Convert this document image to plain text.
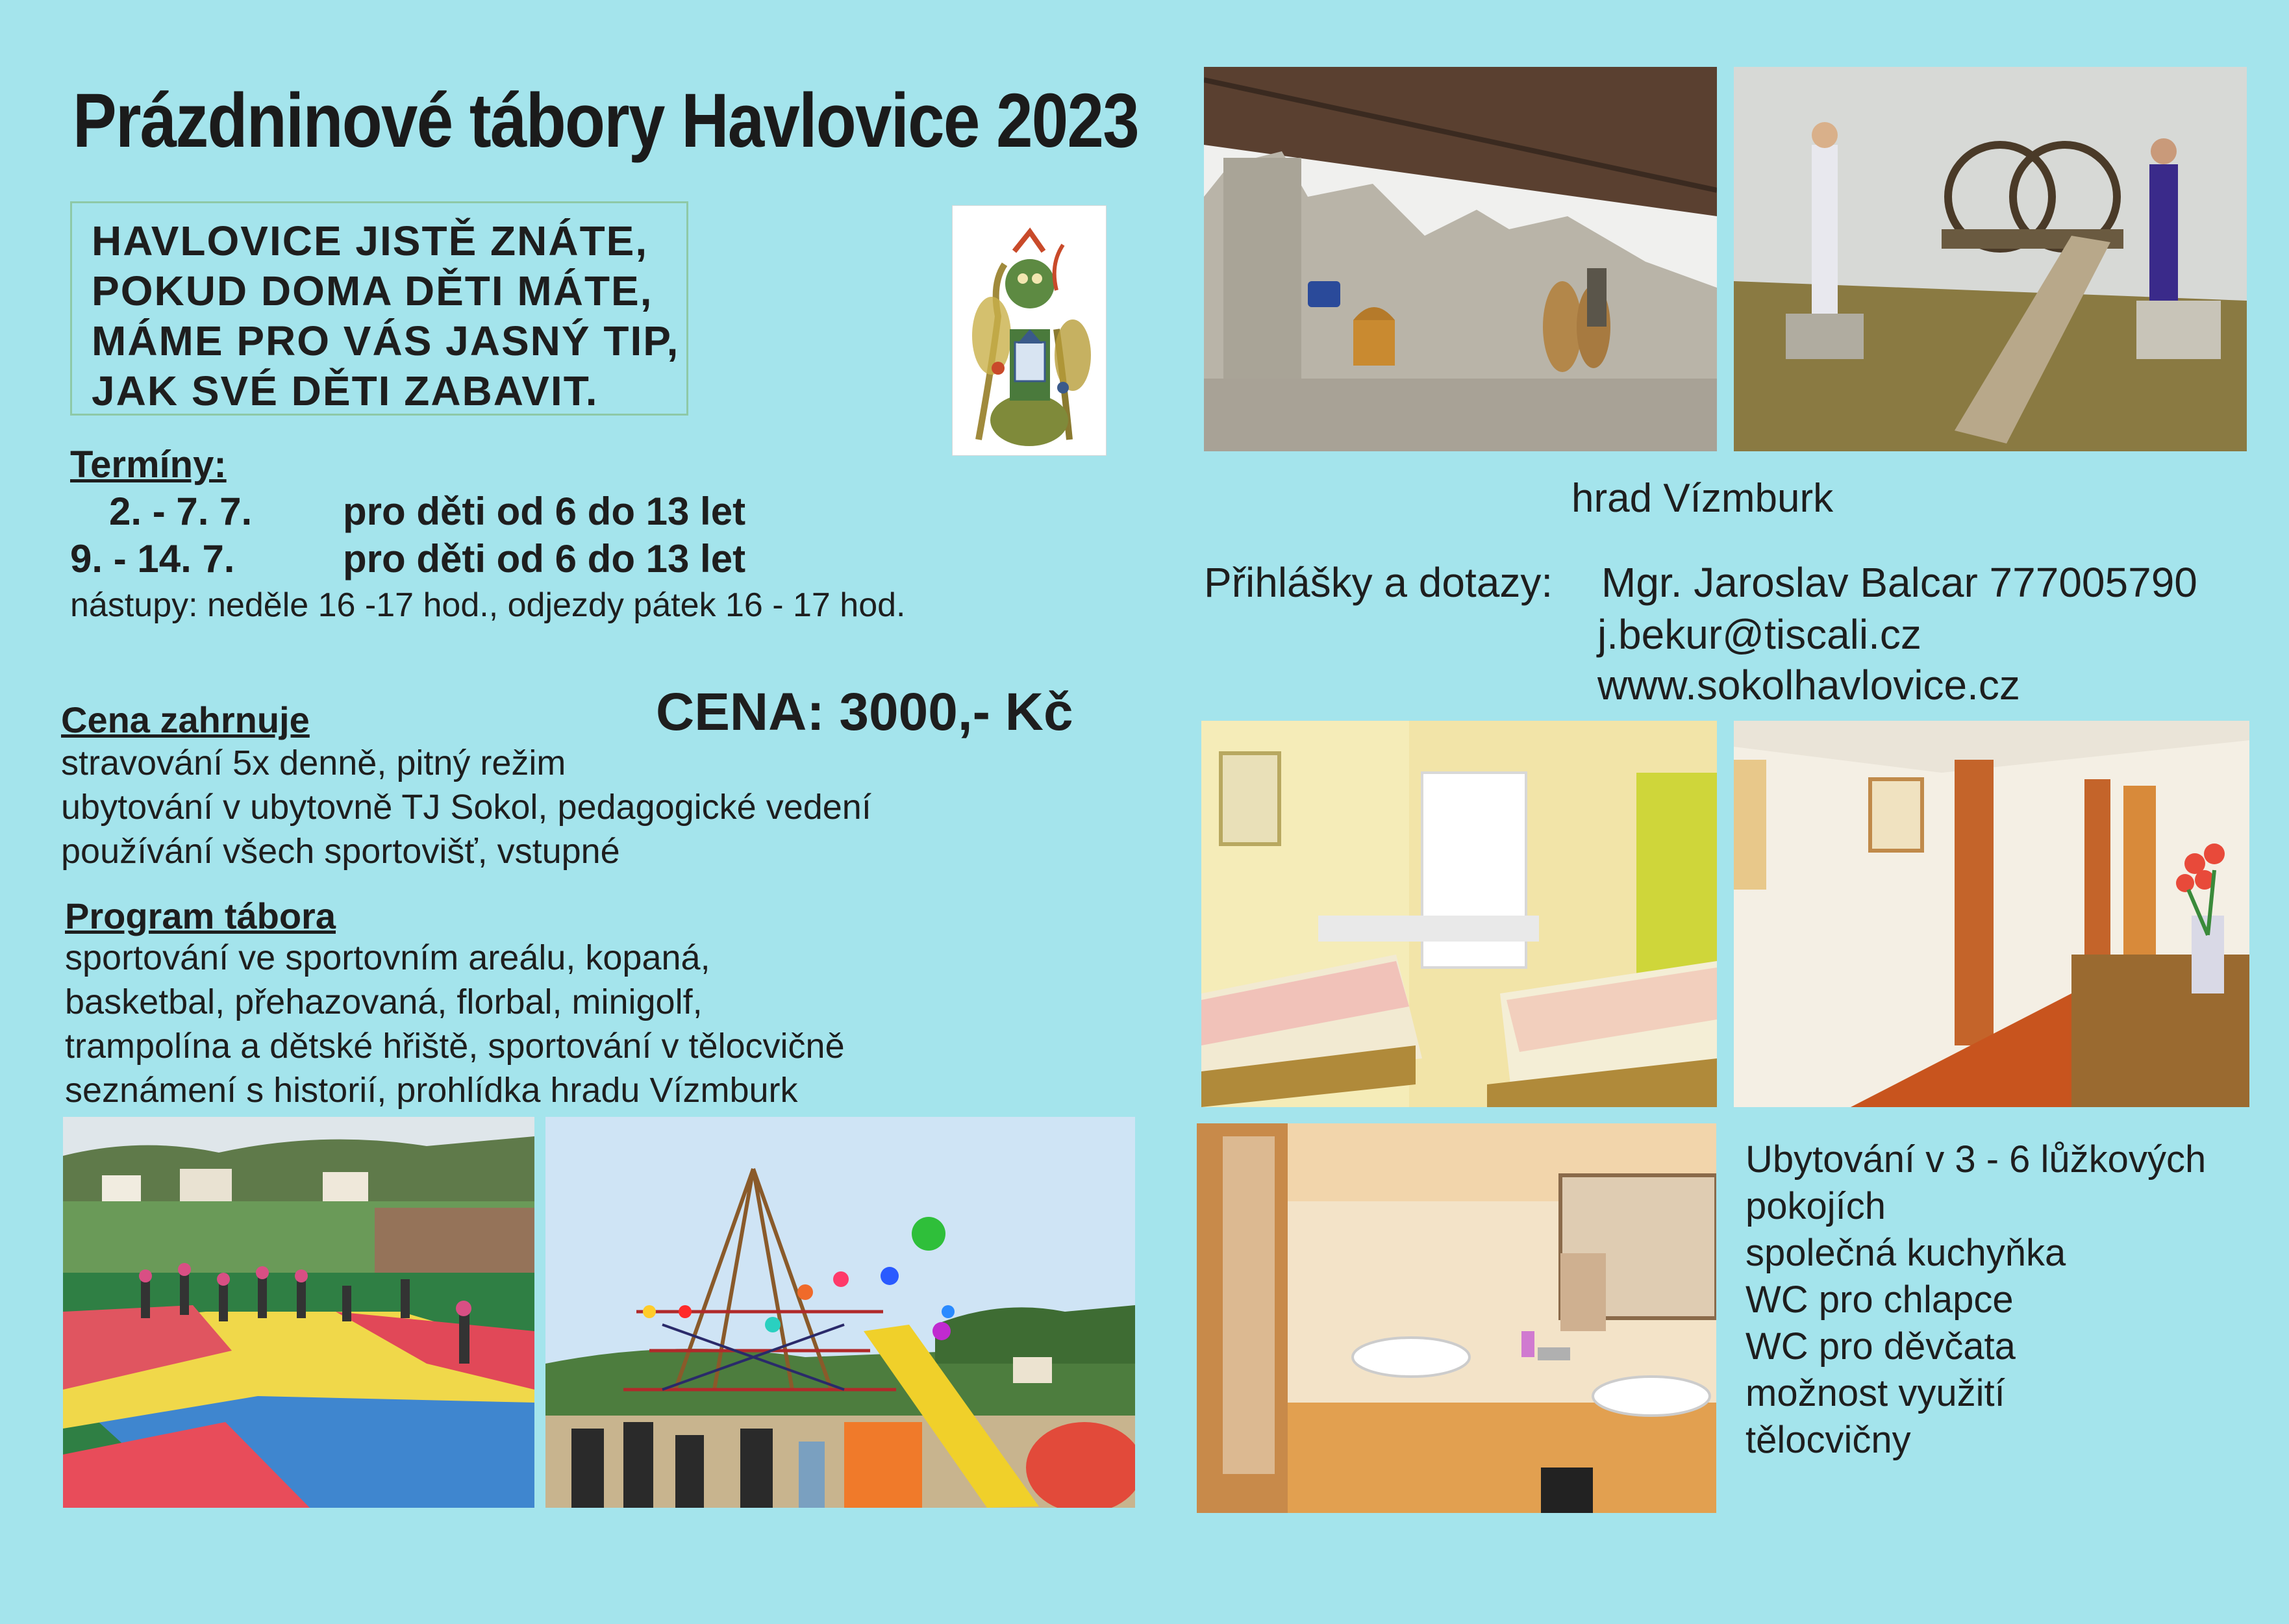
Prázdninové tábory Havlovice 2023
HAVLOVICE JISTĚ ZNÁTE,
POKUD DOMA DĚTI MÁTE,
MÁME PRO VÁS JASNÝ TIP,
JAK SVÉ DĚTI ZABAVIT.
Termíny:
2. - 7. 7. pro děti od 6 do 13 let
9. - 14. 7.	pro děti od 6 do 13 let
nástupy: neděle 16 -17 hod., odjezdy pátek 16 - 17 hod.
Cena zahrnuje	CENA: 3000,- Kč
stravování 5x denně, pitný režim
ubytování v ubytovně TJ Sokol, pedagogické vedení
používání všech sportovišť, vstupné
Program tábora
sportování ve sportovním areálu, kopaná,
basketbal, přehazovaná, florbal, minigolf,
trampolína a dětské hřiště, sportování v tělocvičně
seznámení s historií, prohlídka hradu Vízmburk
hrad Vízmburk
Přihlášky a dotazy: Mgr. Jaroslav Balcar 777005790
j.bekur@tiscali.cz
www.sokolhavlovice.cz
Ubytování v 3 - 6 lůžkových
pokojích
společná kuchyňka
WC pro chlapce
WC pro děvčata
možnost využití
tělocvičny
